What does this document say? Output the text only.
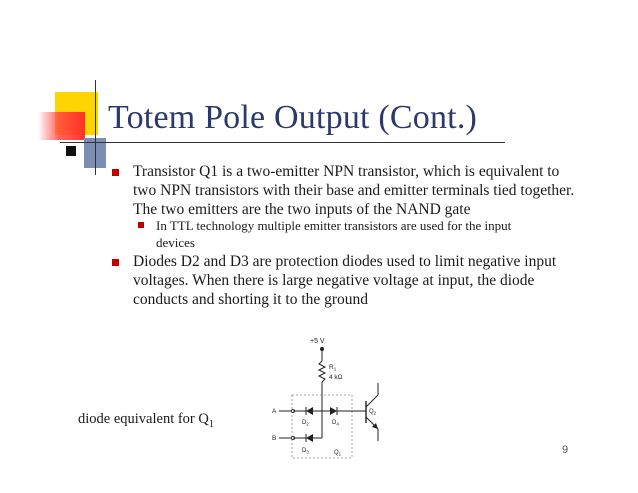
Totem Pole Output (Cont.)
Transistor Q1 is a two-emitter NPN transistor, which is equivalent to
two NPN transistors with their base and emitter terminals tied together.
The two emitters are the two inputs of the NAND gate
In TTL technology multiple emitter transistors are used for the input
devices
Diodes D2 and D3 are protection diodes used to limit negative input
voltages. When there is large negative voltage at input, the diode
conducts and shorting it to the ground
+5 V
$R_1$
4 kΩ
A
$D_2$	$D_4$
B
$D_3$	$Q_1$
$Q_2$
diode equivalent for $Q_1$
9
